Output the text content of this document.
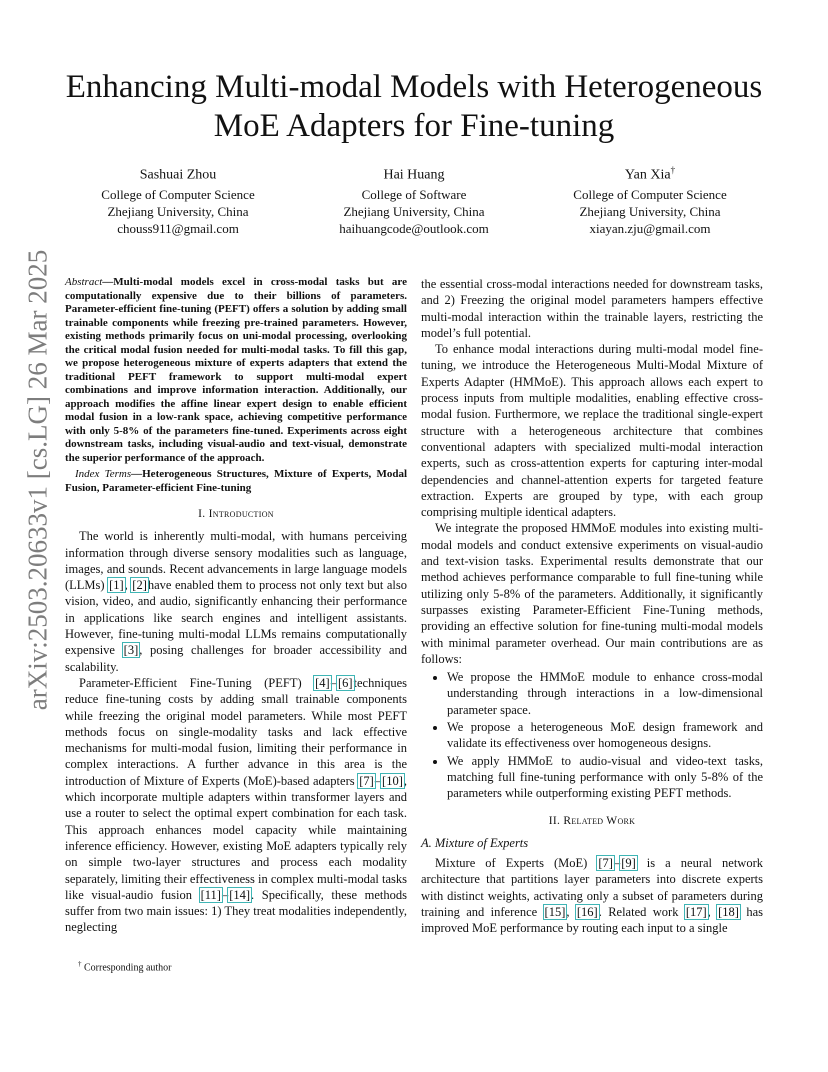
Enhancing Multi-modal Models with Heterogeneous
MoE Adapters for Fine-tuning
Sashuai Zhou
College of Computer Science
Zhejiang University, China
chouss911@gmail.com
Hai Huang
College of Software
Zhejiang University, China
haihuangcode@outlook.com
Yan Xia†
College of Computer Science
Zhejiang University, China
xiayan.zju@gmail.com
arXiv:2503.20633v1 [cs.LG] 26 Mar 2025 Abstract—Multi-modal models excel in cross-modal tasks but are computationally expensive due to their billions of parameters. Parameter-efficient fine-tuning (PEFT) offers a solution by adding small trainable components while freezing pre-trained parameters. However, existing methods primarily focus on uni-modal processing, overlooking the critical modal fusion needed for multi-modal tasks. To fill this gap, we propose heterogeneous mixture of experts adapters that extend the traditional PEFT framework to support multi-modal expert combinations and improve information interaction. Additionally, our approach modifies the affine linear expert design to enable efficient modal fusion in a low-rank space, achieving competitive performance with only 5-8% of the parameters fine-tuned. Experiments across eight downstream tasks, including visual-audio and text-visual, demonstrate the superior performance of the approach.

Index Terms—Heterogeneous Structures, Mixture of Experts, Modal Fusion, Parameter-efficient Fine-tuning

I. Introduction

The world is inherently multi-modal, with humans perceiving information through diverse sensory modalities such as language, images, and sounds. Recent advancements in large language models (LLMs) [1], [2]have enabled them to process not only text but also vision, video, and audio, significantly enhancing their performance in applications like search engines and intelligent assistants. However, fine-tuning multi-modal LLMs remains computationally expensive [3], posing challenges for broader accessibility and scalability.

Parameter-Efficient Fine-Tuning (PEFT) [4]–[6]techniques reduce fine-tuning costs by adding small trainable components while freezing the original model parameters. While most PEFT methods focus on single-modality tasks and lack effective mechanisms for multi-modal fusion, limiting their performance in complex interactions. A further advance in this area is the introduction of Mixture of Experts (MoE)-based adapters [7]–[10], which incorporate multiple adapters within transformer layers and use a router to select the optimal expert combination for each task. This approach enhances model capacity while maintaining inference efficiency. However, existing MoE adapters typically rely on simple two-layer structures and process each modality separately, limiting their effectiveness in complex multi-modal tasks like visual-audio fusion [11]–[14]. Specifically, these methods suffer from two main issues: 1) They treat modalities independently, neglecting

the essential cross-modal interactions needed for downstream tasks, and 2) Freezing the original model parameters hampers effective multi-modal interaction within the trainable layers, restricting the model’s full potential.

To enhance modal interactions during multi-modal model fine-tuning, we introduce the Heterogeneous Multi-Modal Mixture of Experts Adapter (HMMoE). This approach allows each expert to process inputs from multiple modalities, enabling effective cross-modal fusion. Furthermore, we replace the traditional single-expert structure with a heterogeneous architecture that combines conventional adapters with specialized multi-modal interaction experts, such as cross-attention experts for capturing inter-modal dependencies and channel-attention experts for targeted feature extraction. Experts are grouped by type, with each group comprising multiple identical adapters.

We integrate the proposed HMMoE modules into existing multi-modal models and conduct extensive experiments on visual-audio and text-vision tasks. Experimental results demonstrate that our method achieves performance comparable to full fine-tuning while utilizing only 5-8% of the parameters. Additionally, it significantly surpasses existing Parameter-Efficient Fine-Tuning methods, providing an effective solution for fine-tuning multi-modal models with minimal parameter overhead. Our main contributions are as follows:

• We propose the HMMoE module to enhance cross-modal understanding through interactions in a low-dimensional parameter space.
• We propose a heterogeneous MoE design framework and validate its effectiveness over homogeneous designs.
• We apply HMMoE to audio-visual and video-text tasks, matching full fine-tuning performance with only 5-8% of the parameters while outperforming existing PEFT methods.
II. Related Work
A. Mixture of Experts

Mixture of Experts (MoE) [7]–[9] is a neural network architecture that partitions layer parameters into discrete experts with distinct weights, activating only a subset of parameters during training and inference [15], [16]. Related work [17], [18] has improved MoE performance by routing each input to a single

† Corresponding author
